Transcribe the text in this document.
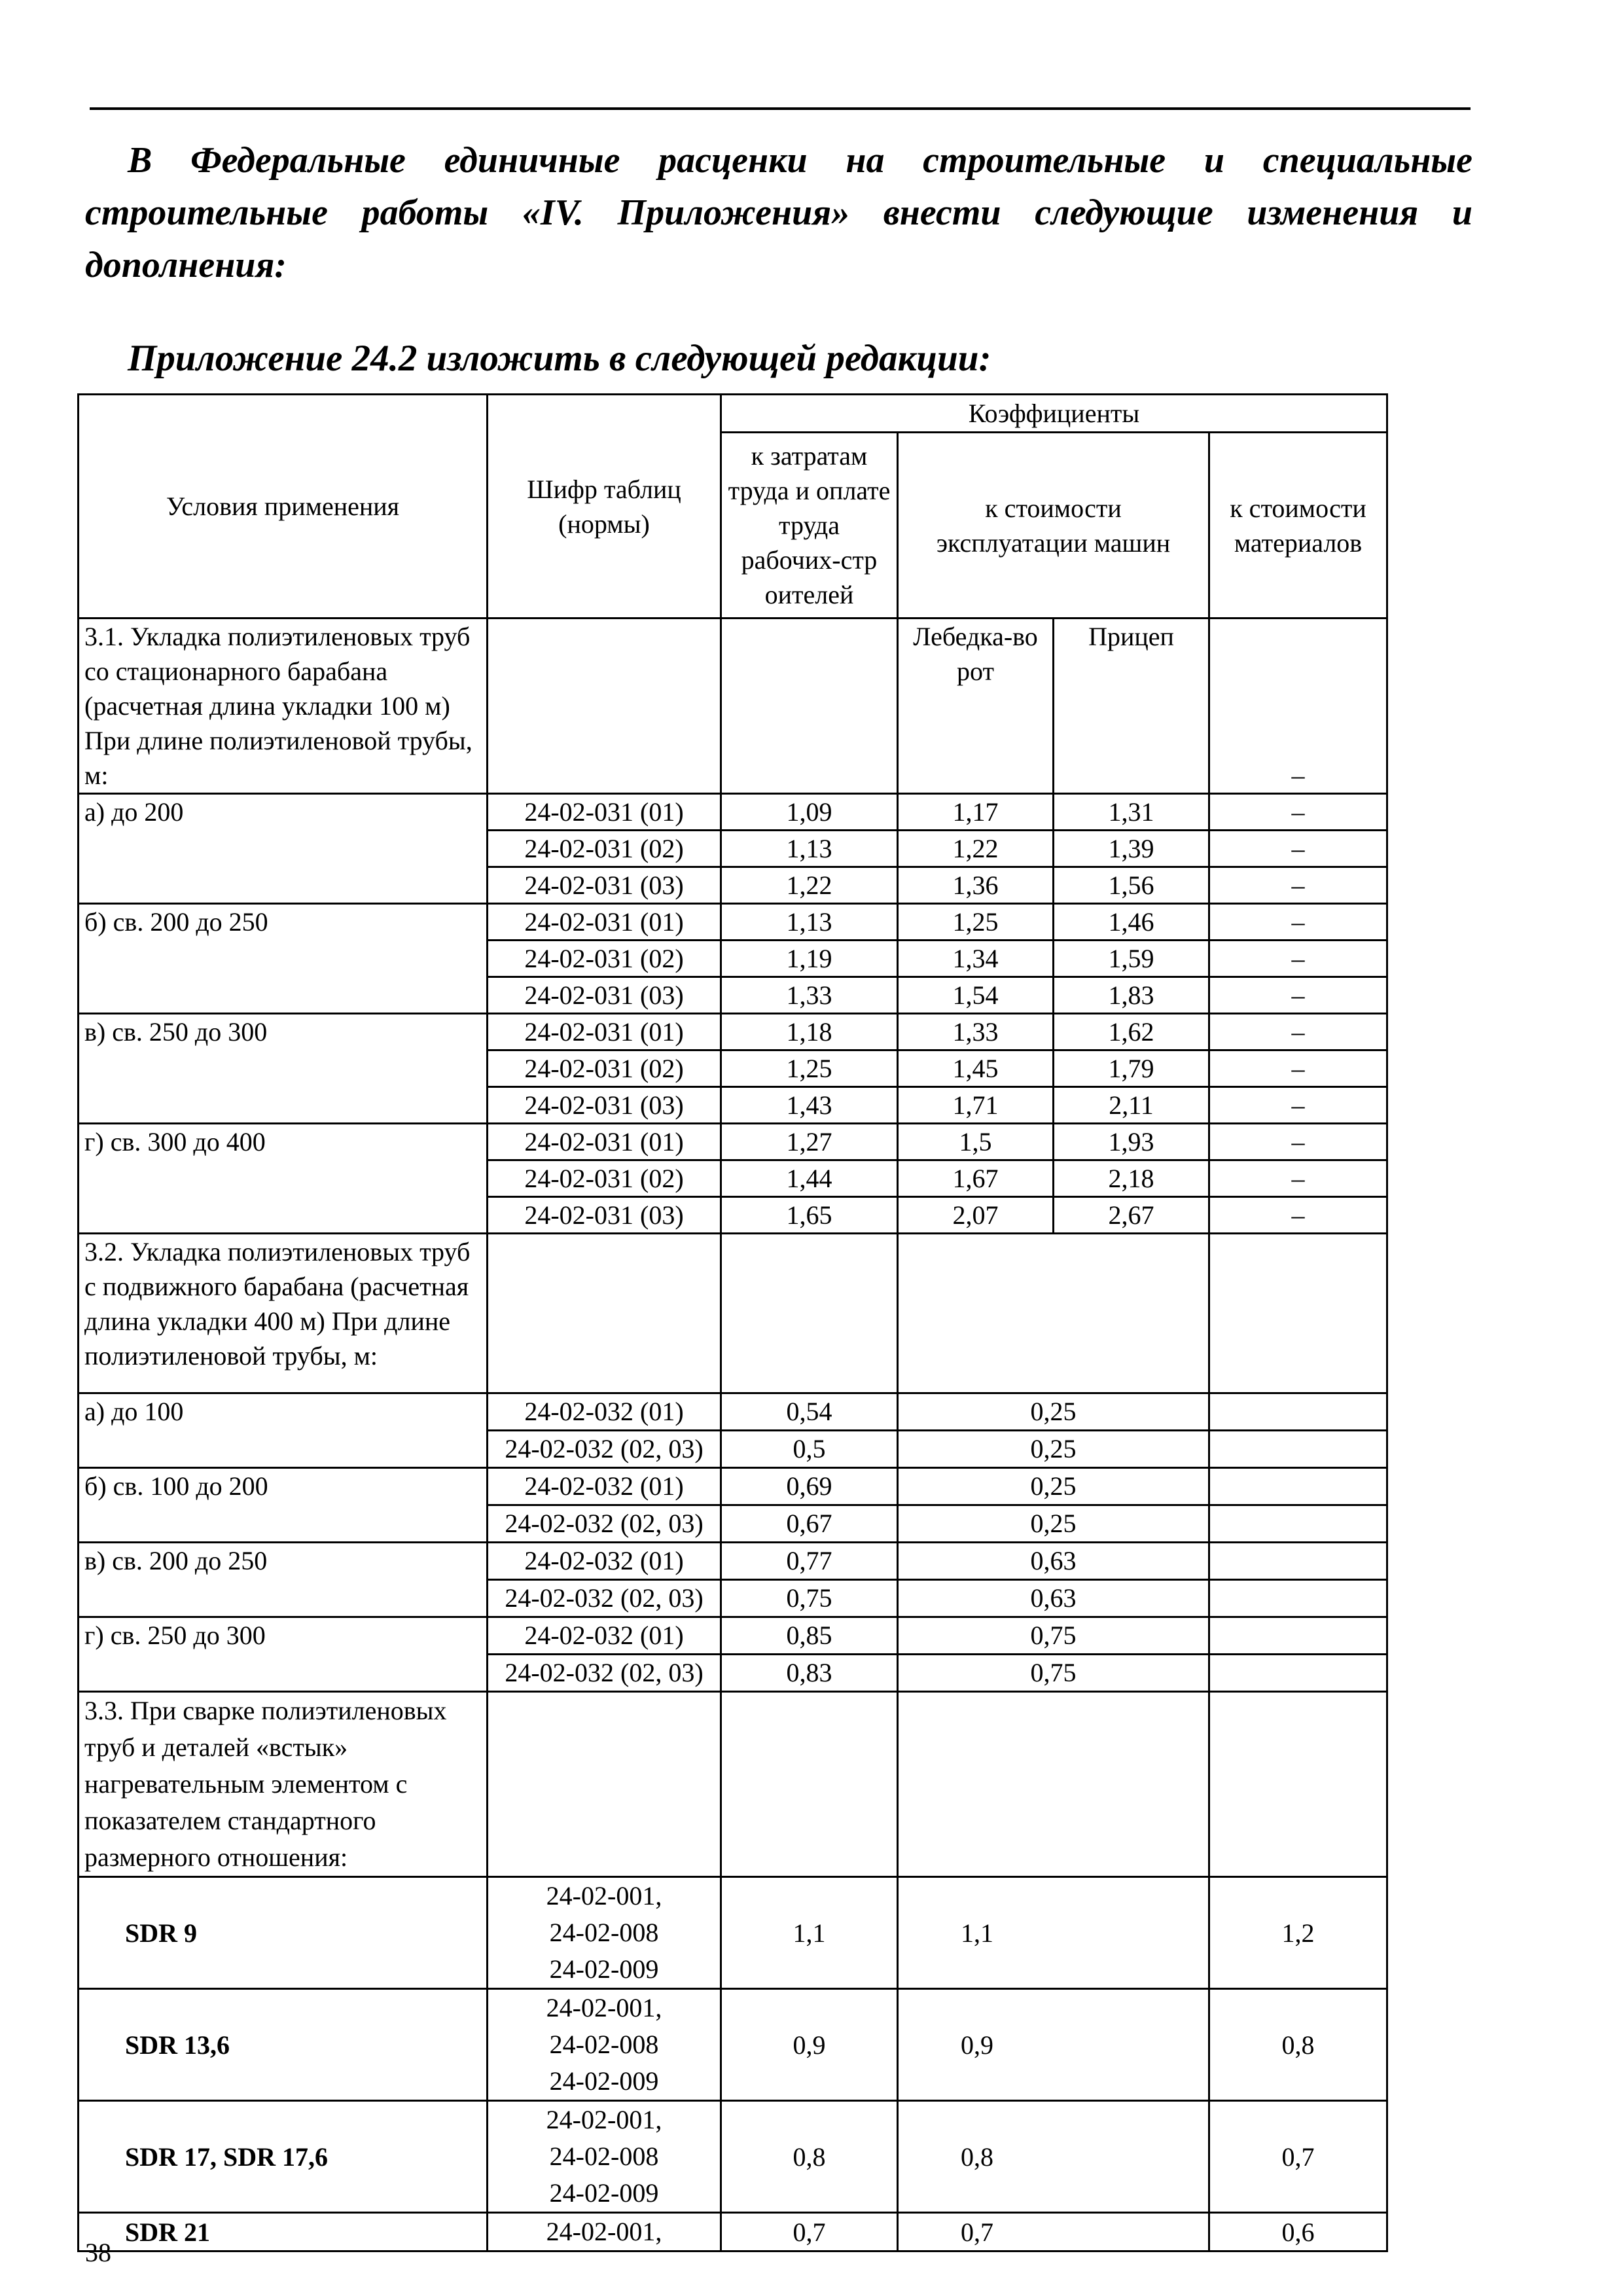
В Федеральные единичные расценки на строительные и специальные строительные работы «IV. Приложения» внести следующие изменения и дополнения:

Приложение 24.2 изложить в следующей редакции:

Условия применения	Шифр таблиц (нормы)	Коэффициенты			
		к затратам труда и оплате труда рабочих-стр оителей	к стоимости эксплуатации машин		к стоимости материалов
3.1. Укладка полиэтиленовых труб со стационарного барабана (расчетная длина укладки 100 м) При длине полиэтиленовой трубы, м:			Лебедка-во рот	Прицеп	–
а) до 200	24-02-031 (01)	1,09	1,17	1,31	–
	24-02-031 (02)	1,13	1,22	1,39	–
	24-02-031 (03)	1,22	1,36	1,56	–
б) св. 200 до 250	24-02-031 (01)	1,13	1,25	1,46	–
	24-02-031 (02)	1,19	1,34	1,59	–
	24-02-031 (03)	1,33	1,54	1,83	–
в) св. 250 до 300	24-02-031 (01)	1,18	1,33	1,62	–
	24-02-031 (02)	1,25	1,45	1,79	–
	24-02-031 (03)	1,43	1,71	2,11	–
г) св. 300 до 400	24-02-031 (01)	1,27	1,5	1,93	–
	24-02-031 (02)	1,44	1,67	2,18	–
	24-02-031 (03)	1,65	2,07	2,67	–
3.2. Укладка полиэтиленовых труб с подвижного барабана (расчетная длина укладки 400 м) При длине полиэтиленовой трубы, м:					
а) до 100	24-02-032 (01)	0,54	0,25		
	24-02-032 (02, 03)	0,5	0,25		
б) св. 100 до 200	24-02-032 (01)	0,69	0,25		
	24-02-032 (02, 03)	0,67	0,25		
в) св. 200 до 250	24-02-032 (01)	0,77	0,63		
	24-02-032 (02, 03)	0,75	0,63		
г) св. 250 до 300	24-02-032 (01)	0,85	0,75		
	24-02-032 (02, 03)	0,83	0,75		
3.3. При сварке полиэтиленовых труб и деталей «встык» нагревательным элементом с показателем стандартного размерного отношения:					
SDR 9	24-02-001,
24-02-008
24-02-009	1,1	1,1		1,2
SDR 13,6	24-02-001,
24-02-008
24-02-009	0,9	0,9		0,8
SDR 17, SDR 17,6	24-02-001,
24-02-008
24-02-009	0,8	0,8		0,7
SDR 21	24-02-001,	0,7	0,7		0,6
38
